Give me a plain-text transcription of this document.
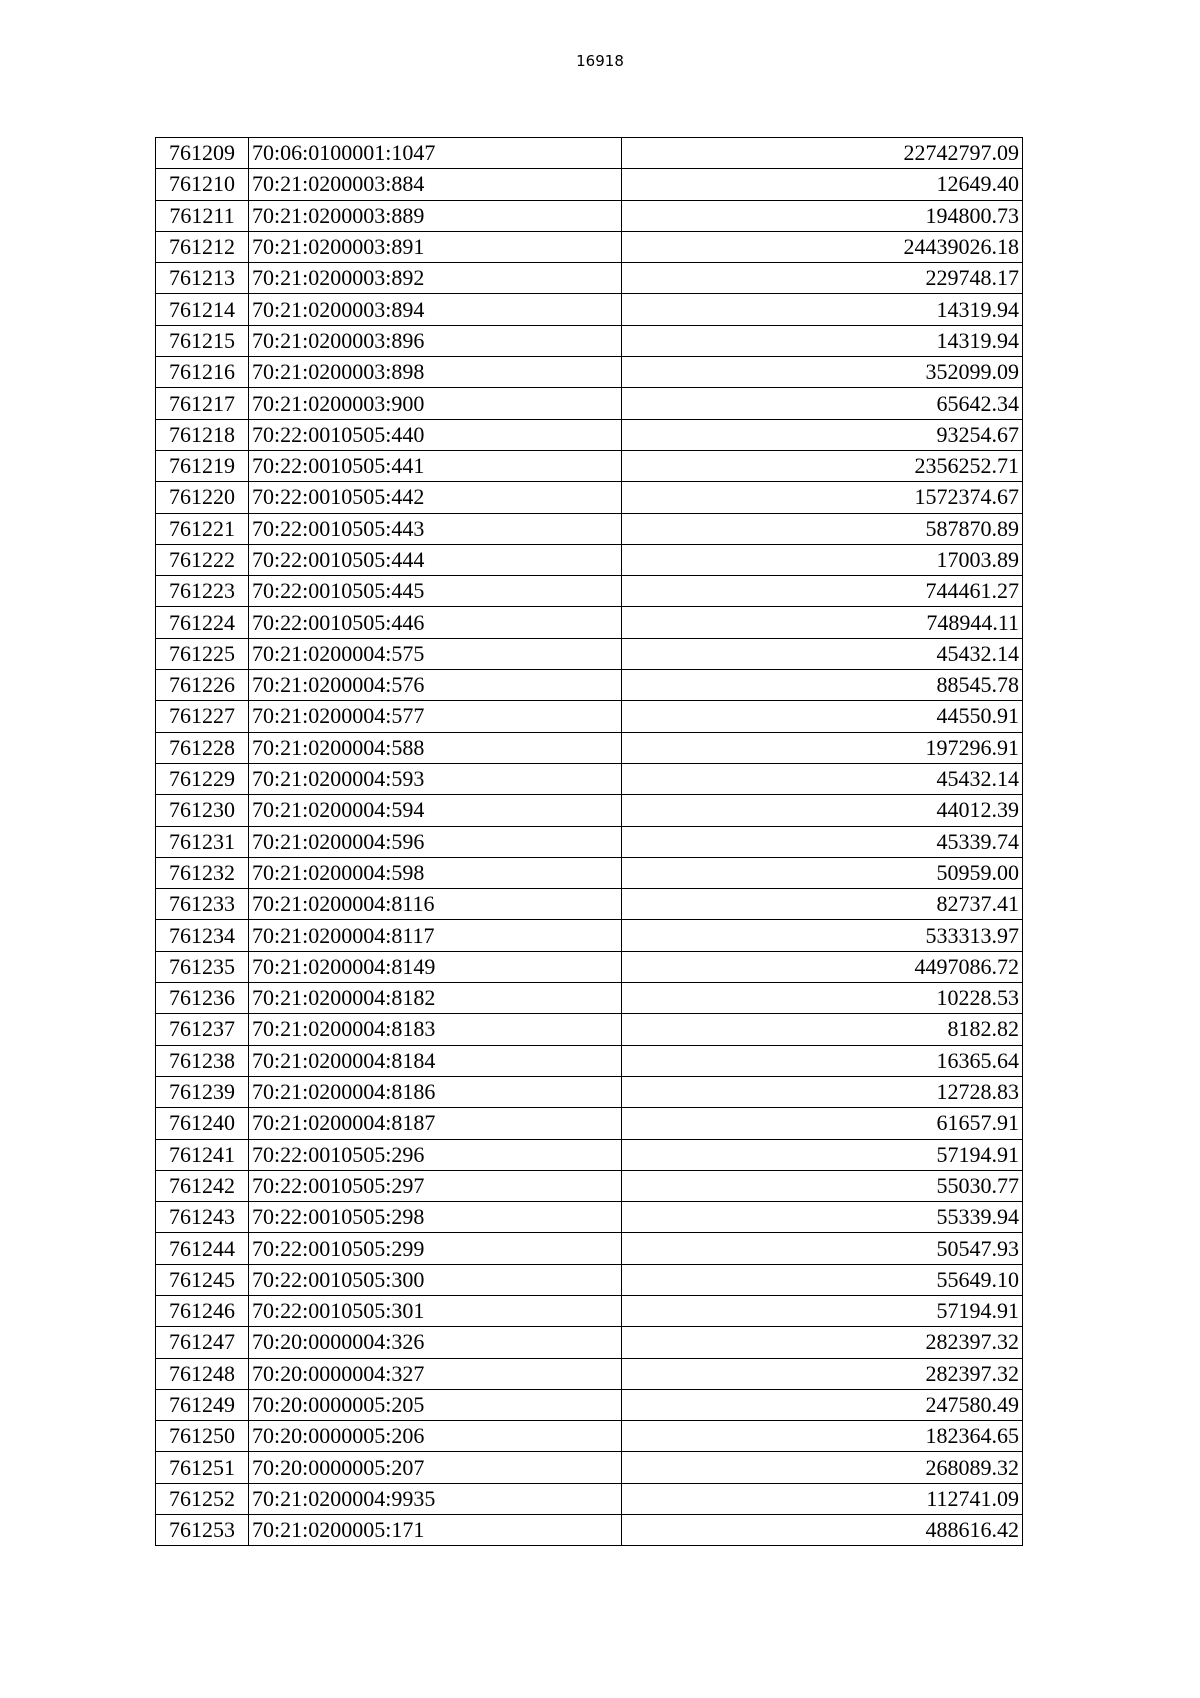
16918
761209	70:06:0100001:1047	22742797.09
761210	70:21:0200003:884	12649.40
761211	70:21:0200003:889	194800.73
761212	70:21:0200003:891	24439026.18
761213	70:21:0200003:892	229748.17
761214	70:21:0200003:894	14319.94
761215	70:21:0200003:896	14319.94
761216	70:21:0200003:898	352099.09
761217	70:21:0200003:900	65642.34
761218	70:22:0010505:440	93254.67
761219	70:22:0010505:441	2356252.71
761220	70:22:0010505:442	1572374.67
761221	70:22:0010505:443	587870.89
761222	70:22:0010505:444	17003.89
761223	70:22:0010505:445	744461.27
761224	70:22:0010505:446	748944.11
761225	70:21:0200004:575	45432.14
761226	70:21:0200004:576	88545.78
761227	70:21:0200004:577	44550.91
761228	70:21:0200004:588	197296.91
761229	70:21:0200004:593	45432.14
761230	70:21:0200004:594	44012.39
761231	70:21:0200004:596	45339.74
761232	70:21:0200004:598	50959.00
761233	70:21:0200004:8116	82737.41
761234	70:21:0200004:8117	533313.97
761235	70:21:0200004:8149	4497086.72
761236	70:21:0200004:8182	10228.53
761237	70:21:0200004:8183	8182.82
761238	70:21:0200004:8184	16365.64
761239	70:21:0200004:8186	12728.83
761240	70:21:0200004:8187	61657.91
761241	70:22:0010505:296	57194.91
761242	70:22:0010505:297	55030.77
761243	70:22:0010505:298	55339.94
761244	70:22:0010505:299	50547.93
761245	70:22:0010505:300	55649.10
761246	70:22:0010505:301	57194.91
761247	70:20:0000004:326	282397.32
761248	70:20:0000004:327	282397.32
761249	70:20:0000005:205	247580.49
761250	70:20:0000005:206	182364.65
761251	70:20:0000005:207	268089.32
761252	70:21:0200004:9935	112741.09
761253	70:21:0200005:171	488616.42
